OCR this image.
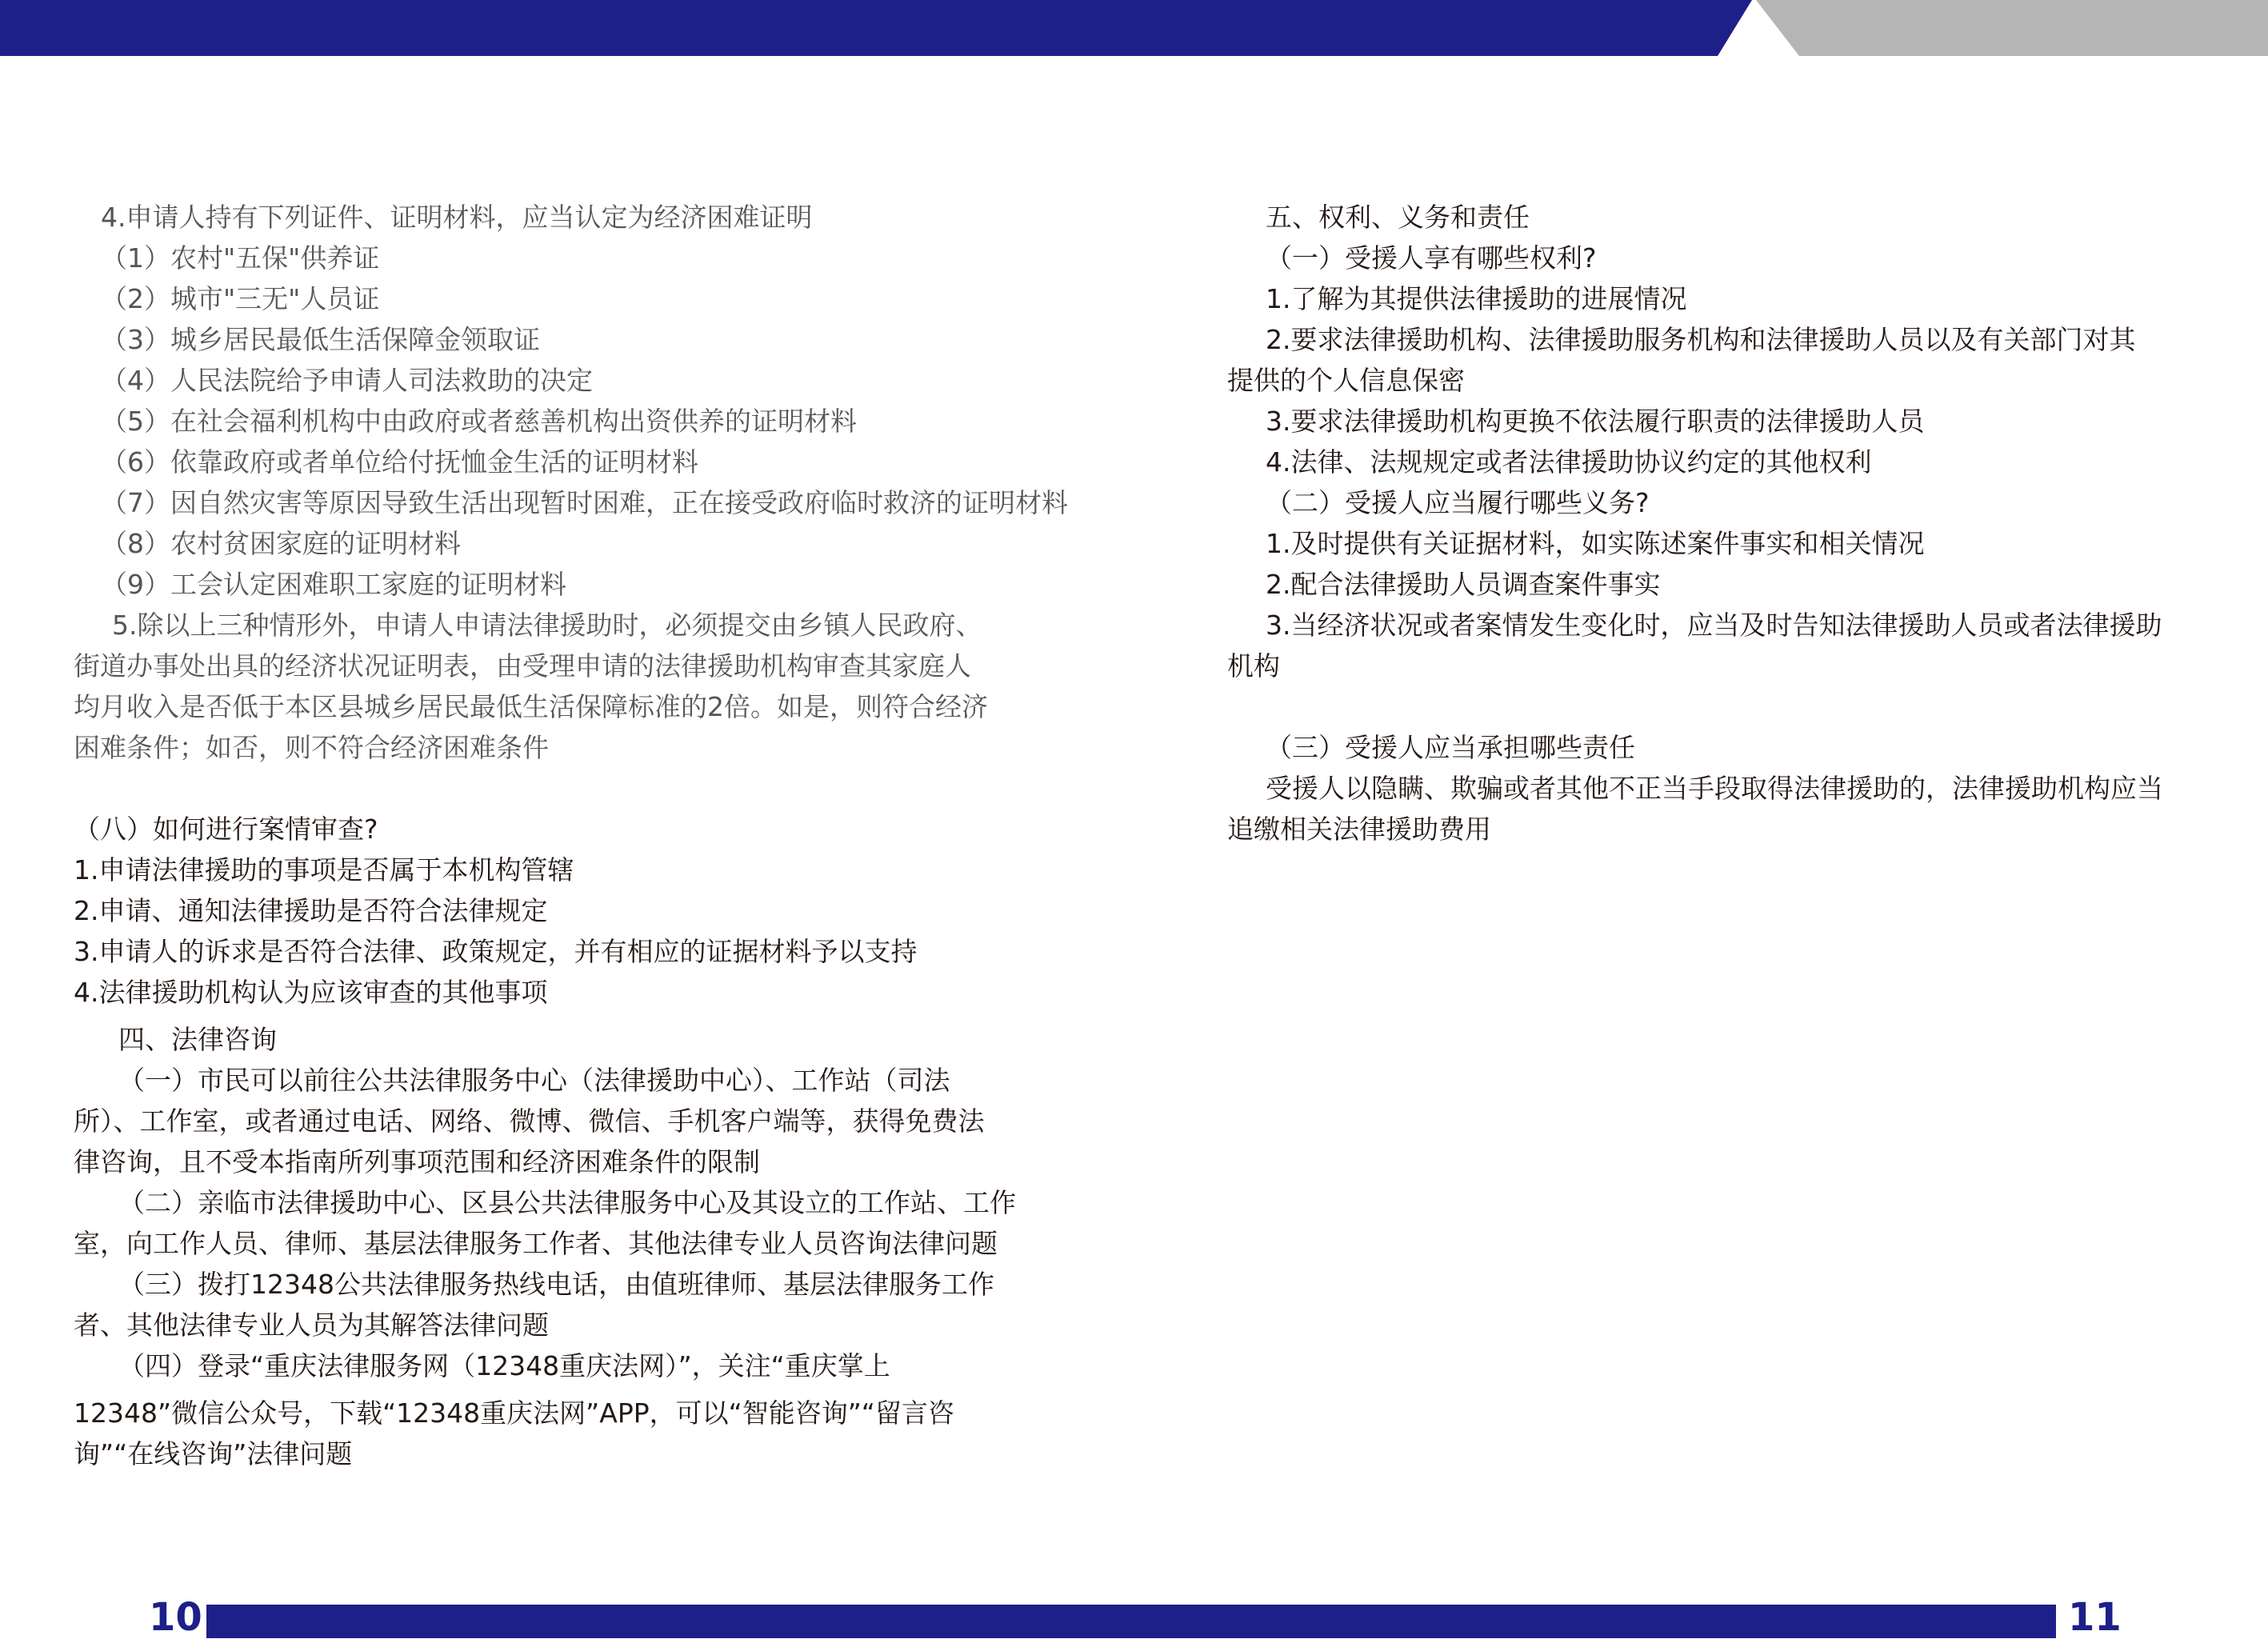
4.申请人持有下列证件、证明材料，应当认定为经济困难证明

（1）农村"五保"供养证

（2）城市"三无"人员证

（3）城乡居民最低生活保障金领取证

（4）人民法院给予申请人司法救助的决定

（5）在社会福利机构中由政府或者慈善机构出资供养的证明材料

（6）依靠政府或者单位给付抚恤金生活的证明材料

（7）因自然灾害等原因导致生活出现暂时困难，正在接受政府临时救济的证明材料

（8）农村贫困家庭的证明材料

（9）工会认定困难职工家庭的证明材料

5.除以上三种情形外，申请人申请法律援助时，必须提交由乡镇人民政府、

街道办事处出具的经济状况证明表，由受理申请的法律援助机构审查其家庭人

均月收入是否低于本区县城乡居民最低生活保障标准的2倍。如是，则符合经济

困难条件；如否，则不符合经济困难条件

（八）如何进行案情审查?

1.申请法律援助的事项是否属于本机构管辖

2.申请、通知法律援助是否符合法律规定

3.申请人的诉求是否符合法律、政策规定，并有相应的证据材料予以支持

4.法律援助机构认为应该审查的其他事项

四、法律咨询

（一）市民可以前往公共法律服务中心（法律援助中心）、工作站（司法

所）、工作室，或者通过电话、网络、微博、微信、手机客户端等，获得免费法

律咨询，且不受本指南所列事项范围和经济困难条件的限制

（二）亲临市法律援助中心、区县公共法律服务中心及其设立的工作站、工作

室，向工作人员、律师、基层法律服务工作者、其他法律专业人员咨询法律问题

（三）拨打12348公共法律服务热线电话，由值班律师、基层法律服务工作

者、其他法律专业人员为其解答法律问题

（四）登录“重庆法律服务网（12348重庆法网）”，关注“重庆掌上

12348”微信公众号，下载“12348重庆法网”APP，可以“智能咨询”“留言咨

询”“在线咨询”法律问题

五、权利、义务和责任

（一）受援人享有哪些权利?

1.了解为其提供法律援助的进展情况

2.要求法律援助机构、法律援助服务机构和法律援助人员以及有关部门对其

提供的个人信息保密

3.要求法律援助机构更换不依法履行职责的法律援助人员

4.法律、法规规定或者法律援助协议约定的其他权利

（二）受援人应当履行哪些义务?

1.及时提供有关证据材料，如实陈述案件事实和相关情况

2.配合法律援助人员调查案件事实

3.当经济状况或者案情发生变化时，应当及时告知法律援助人员或者法律援助

机构

（三）受援人应当承担哪些责任

受援人以隐瞒、欺骗或者其他不正当手段取得法律援助的，法律援助机构应当

追缴相关法律援助费用

10	11
